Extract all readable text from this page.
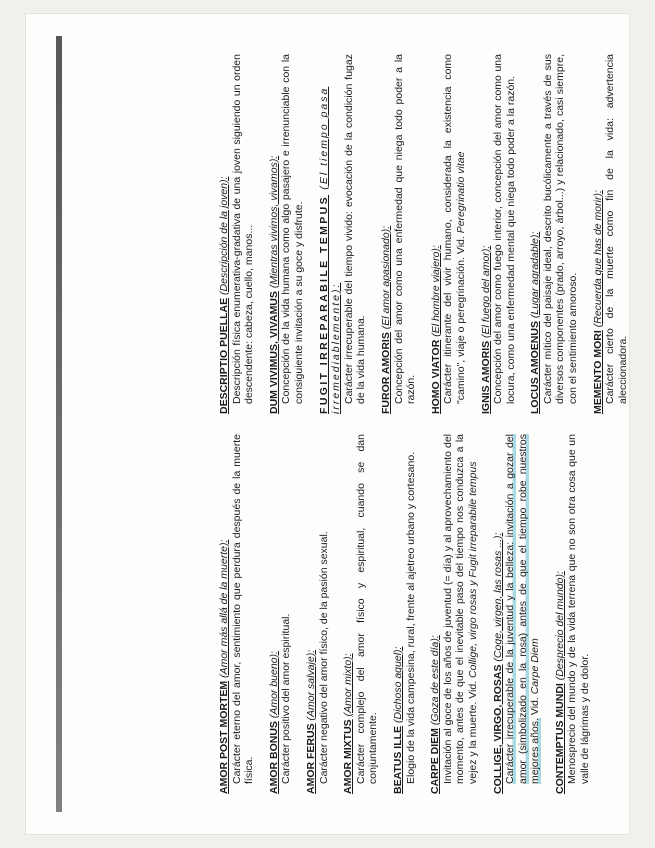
AMOR POST MORTEM (Amor más allá de la muerte): Carácter eterno del amor, sentimiento que perdura después de la muerte física. AMOR BONUS (Amor bueno): Carácter positivo del amor espiritual. AMOR FERUS (Amor salvaje): Carácter negativo del amor físico, de la pasión sexual. AMOR MIXTUS (Amor mixto): Carácter complejo del amor físico y espiritual, cuando se dan conjuntamente. BEATUS ILLE (Dichoso aquel): Elogio de la vida campesina, rural, frente al ajetreo urbano y cortesano. CARPE DIEM (Goza de este día): Invitación al goce de los años de juventud (= día) y al aprovechamiento del momento, antes de que el inevitable paso del tiempo nos conduzca a la vejez y la muerte. Vid. Collige, virgo rosas y Fugit irreparabile tempus
COLLIGE, VIRGO, ROSAS (Coge, virgen, las rosas ...): Carácter irrecuperable de la juventud y la belleza: invitación a gozar del amor (simbolizado en la rosa) antes de que el tiempo robe nuestros mejores años. Vid. Carpe Diem
CONTEMPTUS MUNDI (Desprecio del mundo): Menosprecio del mundo y de la vida terrena que no son otra cosa que un valle de lágrimas y de dolor.
DESCRIPTIO PUELLAE (Descripción de la joven): Descripción física enumerativa-gradativa de una joven siguiendo un orden descendente: cabeza, cuello, manos... DUM VIVIMUS, VIVAMUS (Mientras vivimos, vivamos): Concepción de la vida humana como algo pasajero e irrenunciable con la consiguiente invitación a su goce y disfrute. FUGIT IRREPARABILE TEMPUS (El tiempo pasa irremediablemente): Carácter irrecuperable del tiempo vivido: evocación de la condición fugaz de la vida humana. FUROR AMORIS (El amor apasionado): Concepción del amor como una enfermedad que niega todo poder a la razón. HOMO VIATOR (El hombre viajero): Carácter itinerante del vivir humano, considerada la existencia como "camino", viaje o peregrinación. Vid. Peregrinatio vitae
IGNIS AMORIS (El fuego del amor): Concepción del amor como fuego interior, concepción del amor como una locura, como una enfermedad mental que niega todo poder a la razón. LOCUS AMOENUS (Lugar agradable): Carácter mítico del paisaje ideal, descrito bucólicamente a través de sus diversos componentes (prado, arroyo, árbol...) y relacionado, casi siempre, con el sentimiento amoroso. MEMENTO MORI (Recuerda que has de morir): Carácter cierto de la muerte como fin de la vida: advertencia aleccionadora.
